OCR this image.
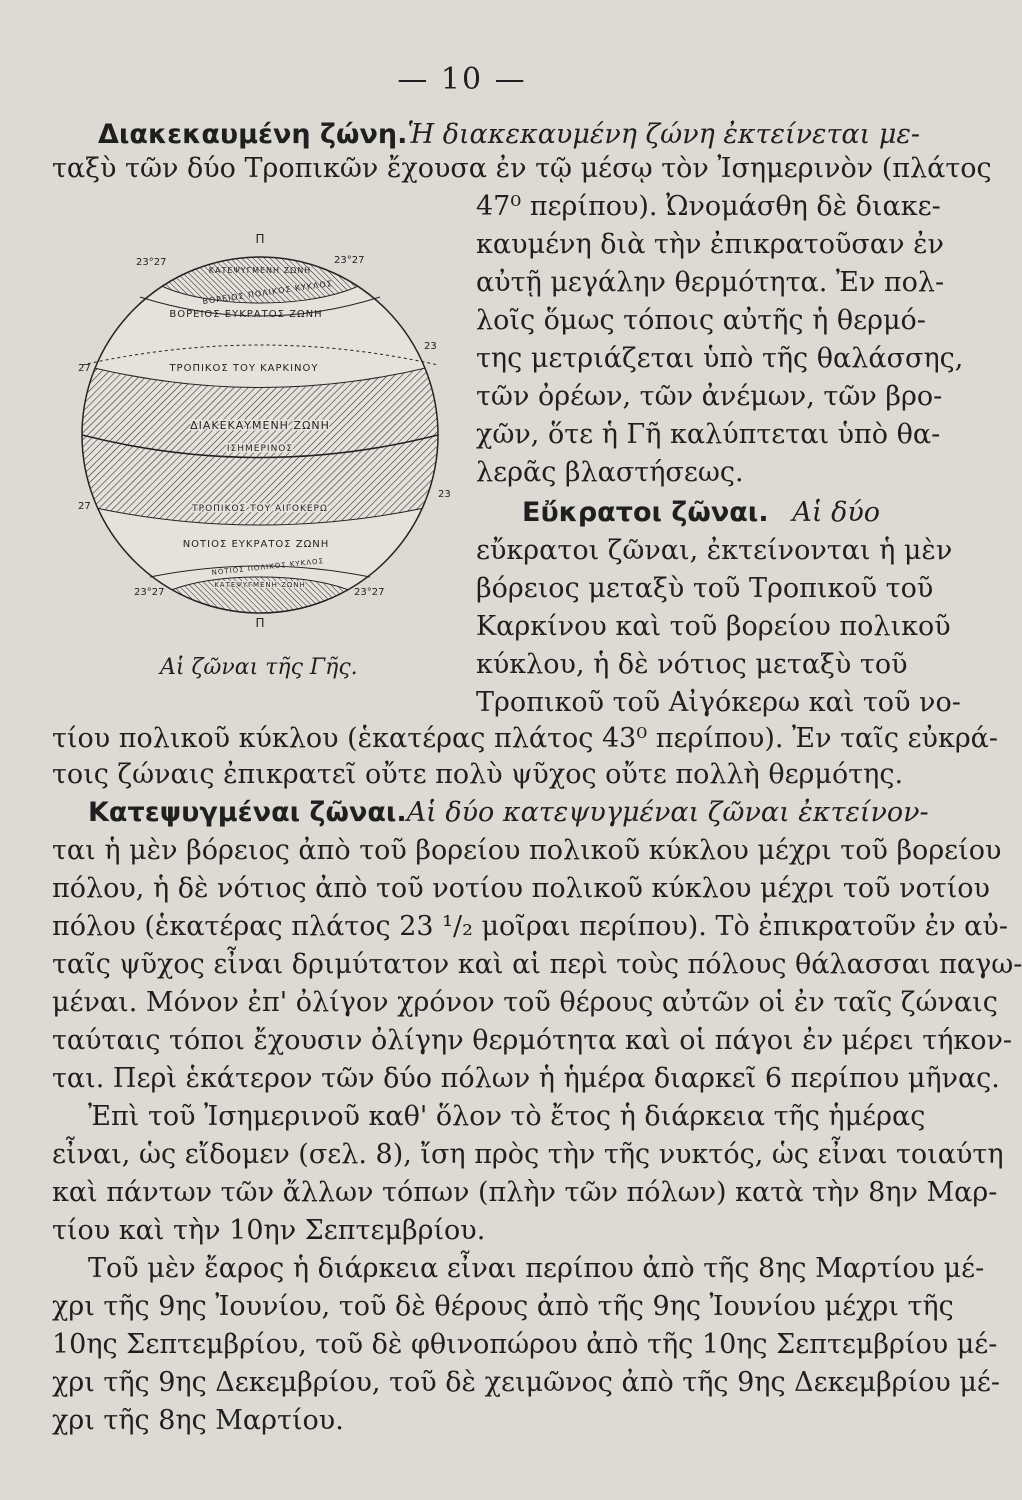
— 10 —
Διακεκαυμένη ζώνη. Ἡ διακεκαυμένη ζώνη ἐκτείνεται με-
ταξὺ τῶν δύο Τροπικῶν ἔχουσα ἐν τῷ μέσῳ τὸν Ἰσημερινὸν (πλάτος
47⁰ περίπου). Ὠνομάσθη δὲ διακε-
καυμένη διὰ τὴν ἐπικρατοῦσαν ἐν
αὐτῇ μεγάλην θερμότητα. Ἐν πολ-
λοῖς ὅμως τόποις αὐτῆς ἡ θερμό-
της μετριάζεται ὑπὸ τῆς θαλάσσης,
τῶν ὀρέων, τῶν ἀνέμων, τῶν βρο-
χῶν, ὅτε ἡ Γῆ καλύπτεται ὑπὸ θα-
λερᾶς βλαστήσεως.
Εὔκρατοι ζῶναι. Αἱ δύο
εὔκρατοι ζῶναι, ἐκτείνονται ἡ μὲν
βόρειος μεταξὺ τοῦ Τροπικοῦ τοῦ
Καρκίνου καὶ τοῦ βορείου πολικοῦ
κύκλου, ἡ δὲ νότιος μεταξὺ τοῦ
Τροπικοῦ τοῦ Αἰγόκερω καὶ τοῦ νο-
τίου πολικοῦ κύκλου (ἑκατέρας πλάτος 43⁰ περίπου). Ἐν ταῖς εὐκρά-
τοις ζώναις ἐπικρατεῖ οὔτε πολὺ ψῦχος οὔτε πολλὴ θερμότης.
Κατεψυγμέναι ζῶναι. Αἱ δύο κατεψυγμέναι ζῶναι ἐκτείνον-
ται ἡ μὲν βόρειος ἀπὸ τοῦ βορείου πολικοῦ κύκλου μέχρι τοῦ βορείου
πόλου, ἡ δὲ νότιος ἀπὸ τοῦ νοτίου πολικοῦ κύκλου μέχρι τοῦ νοτίου
πόλου (ἑκατέρας πλάτος 23 ¹/₂ μοῖραι περίπου). Τὸ ἐπικρατοῦν ἐν αὐ-
ταῖς ψῦχος εἶναι δριμύτατον καὶ αἱ περὶ τοὺς πόλους θάλασσαι παγω-
μέναι. Μόνον ἐπ' ὀλίγον χρόνον τοῦ θέρους αὐτῶν οἱ ἐν ταῖς ζώναις
ταύταις τόποι ἔχουσιν ὀλίγην θερμότητα καὶ οἱ πάγοι ἐν μέρει τήκον-
ται. Περὶ ἑκάτερον τῶν δύο πόλων ἡ ἡμέρα διαρκεῖ 6 περίπου μῆνας.
Ἐπὶ τοῦ Ἰσημερινοῦ καθ' ὅλον τὸ ἔτος ἡ διάρκεια τῆς ἡμέρας
εἶναι, ὡς εἴδομεν (σελ. 8), ἴση πρὸς τὴν τῆς νυκτός, ὡς εἶναι τοιαύτη
καὶ πάντων τῶν ἄλλων τόπων (πλὴν τῶν πόλων) κατὰ τὴν 8ην Μαρ-
τίου καὶ τὴν 10ην Σεπτεμβρίου.
Τοῦ μὲν ἔαρος ἡ διάρκεια εἶναι περίπου ἀπὸ τῆς 8ης Μαρτίου μέ-
χρι τῆς 9ης Ἰουνίου, τοῦ δὲ θέρους ἀπὸ τῆς 9ης Ἰουνίου μέχρι τῆς
10ης Σεπτεμβρίου, τοῦ δὲ φθινοπώρου ἀπὸ τῆς 10ης Σεπτεμβρίου μέ-
χρι τῆς 9ης Δεκεμβρίου, τοῦ δὲ χειμῶνος ἀπὸ τῆς 9ης Δεκεμβρίου μέ-
χρι τῆς 8ης Μαρτίου.
Π
Π
ΚΑΤΕΨΥΓΜΕΝΗ ΖΩΝΗ
ΒΟΡΕΙΟΣ ΠΟΛΙΚΟΣ ΚΥΚΛΟΣ
ΒΟΡΕΙΟΣ ΕΥΚΡΑΤΟΣ ΖΩΝΗ
ΤΡΟΠΙΚΟΣ ΤΟΥ ΚΑΡΚΙΝΟΥ
ΔΙΑΚΕΚΑΥΜΕΝΗ ΖΩΝΗ
ΙΣΗΜΕΡΙΝΟΣ
ΤΡΟΠΙΚΟΣ ΤΟΥ ΑΙΓΟΚΕΡΩ
ΝΟΤΙΟΣ ΕΥΚΡΑΤΟΣ ΖΩΝΗ
ΝΟΤΙΟΣ ΠΟΛΙΚΟΣ ΚΥΚΛΟΣ
ΚΑΤΕΨΥΓΜΕΝΗ ΖΩΝΗ
23°27	23°27
23
27
23
27
23°27	23°27
Αἱ ζῶναι τῆς Γῆς.
